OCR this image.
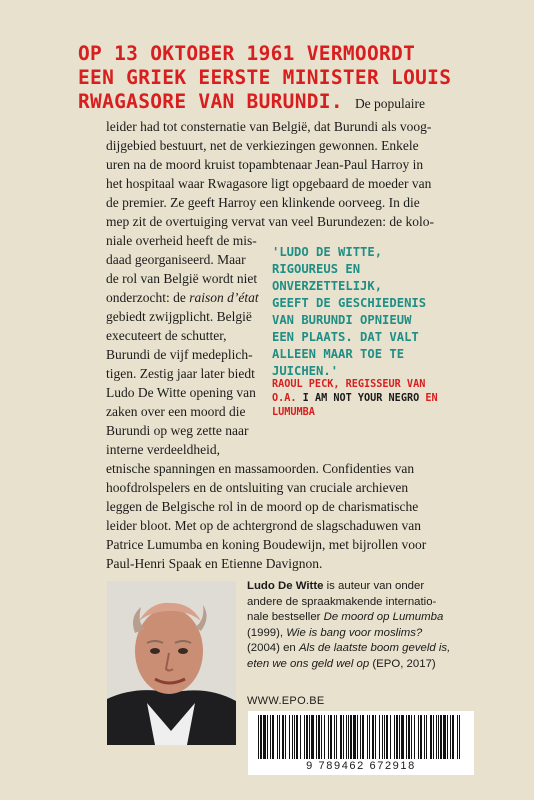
OP 13 OKTOBER 1961 VERMOORDT
EEN GRIEK EERSTE MINISTER LOUIS
RWAGASORE VAN BURUNDI. De populaire
leider had tot consternatie van België, dat Burundi als voog-
dijgebied bestuurt, net de verkiezingen gewonnen. Enkele
uren na de moord kruist topambtenaar Jean-Paul Harroy in
het hospitaal waar Rwagasore ligt opgebaard de moeder van
de premier. Ze geeft Harroy een klinkende oorveeg. In die
mep zit de overtuiging vervat van veel Burundezen: de kolo-
niale overheid heeft de mis-
daad georganiseerd. Maar
de rol van België wordt niet
onderzocht: de raison d’état
gebiedt zwijgplicht. België
executeert de schutter,
Burundi de vijf medeplich-
tigen. Zestig jaar later biedt
Ludo De Witte opening van
zaken over een moord die
Burundi op weg zette naar
interne verdeeldheid,
etnische spanningen en massamoorden. Confidenties van
hoofdrolspelers en de ontsluiting van cruciale archieven
leggen de Belgische rol in de moord op de charismatische
leider bloot. Met op de achtergrond de slagschaduwen van
Patrice Lumumba en koning Boudewijn, met bijrollen voor
Paul-Henri Spaak en Etienne Davignon.
'LUDO DE WITTE,
RIGOUREUS EN
ONVERZETTELIJK,
GEEFT DE GESCHIEDENIS
VAN BURUNDI OPNIEUW
EEN PLAATS. DAT VALT
ALLEEN MAAR TOE TE
JUICHEN.'
RAOUL PECK, REGISSEUR VAN
O.A. I AM NOT YOUR NEGRO EN
LUMUMBA
Ludo De Witte is auteur van onder
andere de spraakmakende internatio-
nale bestseller De moord op Lumumba
(1999), Wie is bang voor moslims?
(2004) en Als de laatste boom geveld is,
eten we ons geld wel op (EPO, 2017)
WWW.EPO.BE
9 789462 672918
